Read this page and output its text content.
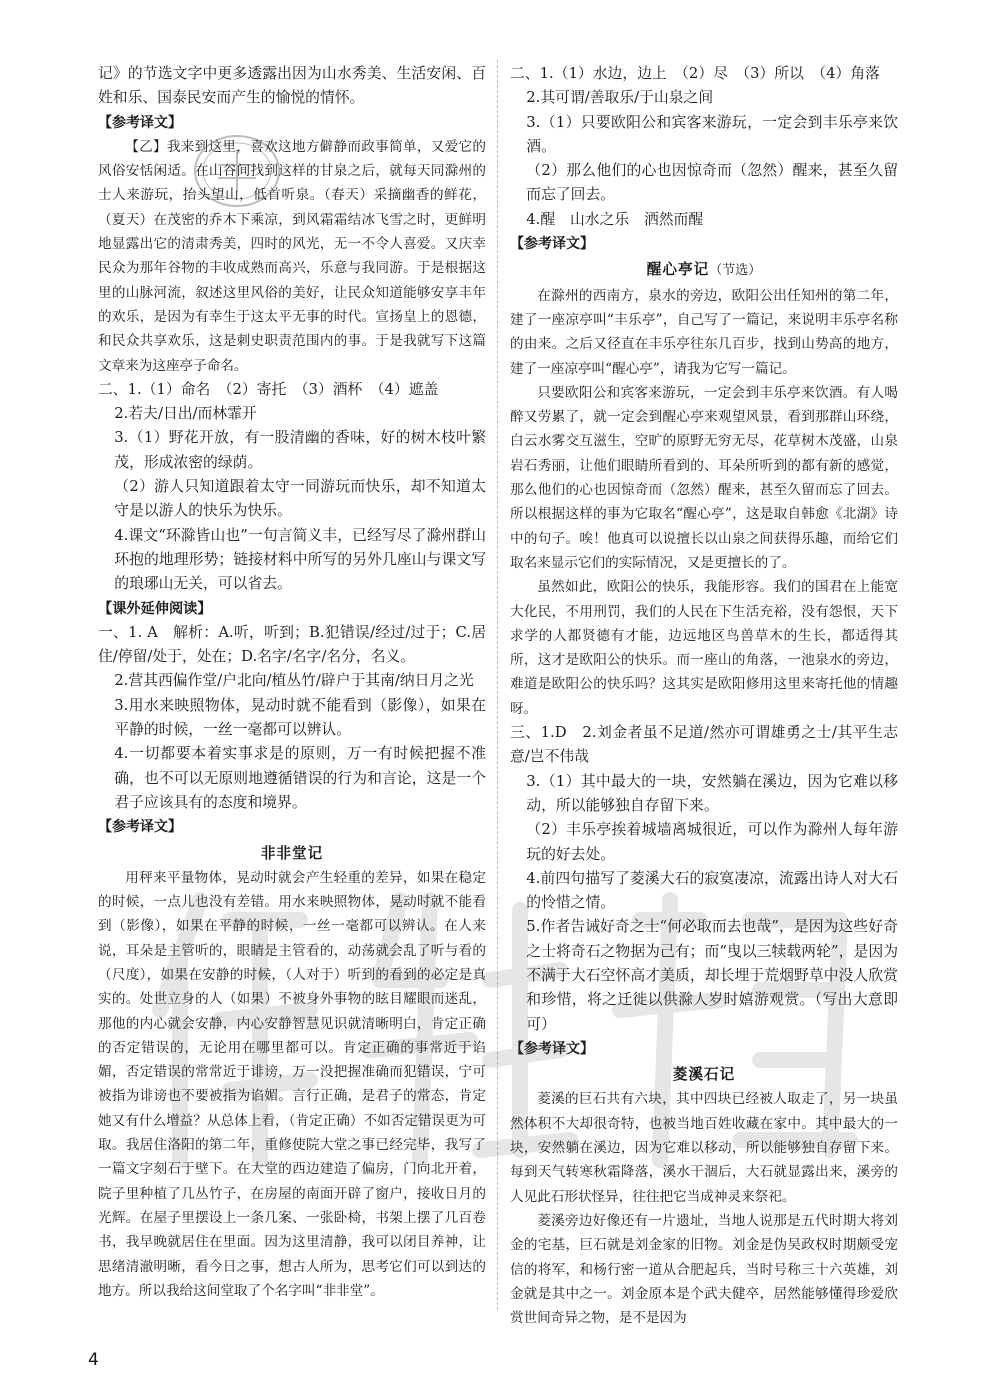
记》的节选文字中更多透露出因为山水秀美、生活安闲、百姓和乐、国泰民安而产生的愉悦的情怀。

【参考译文】

【乙】我来到这里，喜欢这地方僻静而政事简单，又爱它的风俗安恬闲适。在山谷间找到这样的甘泉之后，就每天同滁州的士人来游玩，抬头望山，低首听泉。（春天）采摘幽香的鲜花，（夏天）在茂密的乔木下乘凉，到风霜霜结冰飞雪之时，更鲜明地显露出它的清肃秀美，四时的风光，无一不令人喜爱。又庆幸民众为那年谷物的丰收成熟而高兴，乐意与我同游。于是根据这里的山脉河流，叙述这里风俗的美好，让民众知道能够安享丰年的欢乐，是因为有幸生于这太平无事的时代。宣扬皇上的恩德，和民众共享欢乐，这是刺史职责范围内的事。于是我就写下这篇文章来为这座亭子命名。

二、1.（1）命名　（2）寄托　（3）酒杯　（4）遮盖

2.若夫/日出/而林霏开

3.（1）野花开放，有一股清幽的香味，好的树木枝叶繁茂，形成浓密的绿荫。

（2）游人只知道跟着太守一同游玩而快乐，却不知道太守是以游人的快乐为快乐。

4.课文“环滁皆山也”一句言简义丰，已经写尽了滁州群山环抱的地理形势；链接材料中所写的另外几座山与课文写的琅琊山无关，可以省去。

【课外延伸阅读】

一、1. A　解析：A.听，听到；B.犯错误/经过/过于；C.居住/停留/处于，处在；D.名字/名字/名分，名义。

2.营其西偏作堂/户北向/植丛竹/辟户于其南/纳日月之光

3.用水来映照物体，晃动时就不能看到（影像），如果在平静的时候，一丝一毫都可以辨认。

4.一切都要本着实事求是的原则，万一有时候把握不准确，也不可以无原则地遵循错误的行为和言论，这是一个君子应该具有的态度和境界。

【参考译文】

非非堂记

用秤来平量物体，晃动时就会产生轻重的差异，如果在稳定的时候，一点儿也没有差错。用水来映照物体，晃动时就不能看到（影像），如果在平静的时候，一丝一毫都可以辨认。在人来说，耳朵是主管听的，眼睛是主管看的，动荡就会乱了听与看的（尺度），如果在安静的时候，（人对于）听到的看到的必定是真实的。处世立身的人（如果）不被身外事物的眩目耀眼而迷乱，那他的内心就会安静，内心安静智慧见识就清晰明白，肯定正确的否定错误的，无论用在哪里都可以。肯定正确的事常近于谄媚，否定错误的常常近于诽谤，万一没把握准确而犯错误，宁可被指为诽谤也不要被指为谄媚。言行正确，是君子的常态，肯定她又有什么增益？从总体上看，（肯定正确）不如否定错误更为可取。我居住洛阳的第二年，重修使院大堂之事已经完毕，我写了一篇文字刻石于壁下。在大堂的西边建造了偏房，门向北开着，院子里种植了几丛竹子，在房屋的南面开辟了窗户，接收日月的光辉。在屋子里摆设上一条几案、一张卧椅，书架上摆了几百卷书，我早晚就居住在里面。因为这里清静，我可以闭目养神，让思绪清澈明晰，看今日之事，想古人所为，思考它们可以到达的地方。所以我给这间堂取了个名字叫“非非堂”。

二、1.（1）水边，边上　（2）尽　（3）所以　（4）角落

2.其可谓/善取乐/于山泉之间

3.（1）只要欧阳公和宾客来游玩，一定会到丰乐亭来饮酒。

（2）那么他们的心也因惊奇而（忽然）醒来，甚至久留而忘了回去。

4.醒　山水之乐　洒然而醒

【参考译文】

醒心亭记（节选）

在滁州的西南方，泉水的旁边，欧阳公出任知州的第二年，建了一座凉亭叫“丰乐亭”，自己写了一篇记，来说明丰乐亭名称的由来。之后又径直在丰乐亭往东几百步，找到山势高的地方，建了一座凉亭叫“醒心亭”，请我为它写一篇记。

只要欧阳公和宾客来游玩，一定会到丰乐亭来饮酒。有人喝醉又劳累了，就一定会到醒心亭来观望风景，看到那群山环绕，白云水雾交互滋生，空旷的原野无穷无尽，花草树木茂盛，山泉岩石秀丽，让他们眼睛所看到的、耳朵所听到的都有新的感觉，那么他们的心也因惊奇而（忽然）醒来，甚至久留而忘了回去。所以根据这样的事为它取名“醒心亭”，这是取自韩愈《北湖》诗中的句子。唉！他真可以说擅长以山泉之间获得乐趣，而给它们取名来显示它们的实际情况，又是更擅长的了。

虽然如此，欧阳公的快乐，我能形容。我们的国君在上能宽大化民，不用刑罚，我们的人民在下生活充裕，没有怨恨，天下求学的人都贤德有才能，边远地区鸟兽草木的生长，都适得其所，这才是欧阳公的快乐。而一座山的角落，一池泉水的旁边，难道是欧阳公的快乐吗？这其实是欧阳修用这里来寄托他的情趣呀。

三、1.D　2.刘金者虽不足道/然亦可谓雄勇之士/其平生志意/岂不伟哉

3.（1）其中最大的一块，安然躺在溪边，因为它难以移动，所以能够独自存留下来。

（2）丰乐亭挨着城墙离城很近，可以作为滁州人每年游玩的好去处。

4.前四句描写了菱溪大石的寂寞凄凉，流露出诗人对大石的怜惜之情。

5.作者告诫好奇之士“何必取而去也哉”，是因为这些好奇之士将奇石之物据为己有；而“曳以三犊载两轮”，是因为不满于大石空怀高才美质，却长埋于荒烟野草中没人欣赏和珍惜，将之迁徙以供滁人岁时嬉游观赏。（写出大意即可）

【参考译文】

菱溪石记

菱溪的巨石共有六块，其中四块已经被人取走了，另一块虽然体积不大却很奇特，也被当地百姓收藏在家中。其中最大的一块，安然躺在溪边，因为它难以移动，所以能够独自存留下来。每到天气转寒秋霜降落，溪水干涸后，大石就显露出来，溪旁的人见此石形状怪异，往往把它当成神灵来祭祀。

菱溪旁边好像还有一片遗址，当地人说那是五代时期大将刘金的宅基，巨石就是刘金家的旧物。刘金是伪吴政权时期颇受宠信的将军，和杨行密一道从合肥起兵，当时号称三十六英雄，刘金就是其中之一。刘金原本是个武夫健卒，居然能够懂得珍爱欣赏世间奇异之物，是不是因为

4
